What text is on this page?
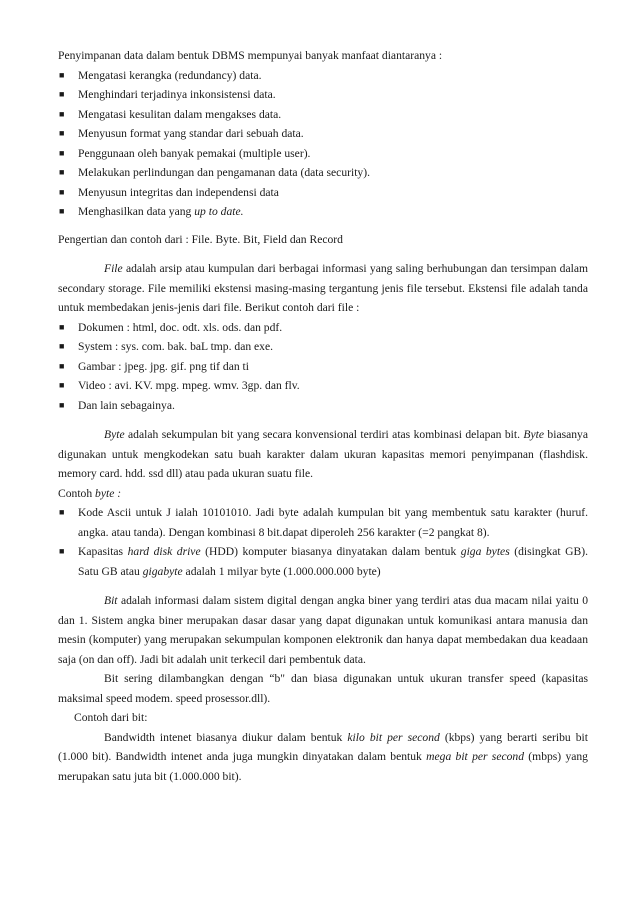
Penyimpanan data dalam bentuk DBMS mempunyai banyak manfaat diantaranya :

■ Mengatasi kerangka (redundancy) data.
■ Menghindari terjadinya inkonsistensi data.
■ Mengatasi kesulitan dalam mengakses data.
■ Menyusun format yang standar dari sebuah data.
■ Penggunaan oleh banyak pemakai (multiple user).
■ Melakukan perlindungan dan pengamanan data (data security).
■ Menyusun integritas dan independensi data
■ Menghasilkan data yang up to date.

Pengertian dan contoh dari : File. Byte. Bit, Field dan Record

File adalah arsip atau kumpulan dari berbagai informasi yang saling berhubungan dan tersimpan dalam secondary storage. File memiliki ekstensi masing-masing tergantung jenis file tersebut. Ekstensi file adalah tanda untuk membedakan jenis-jenis dari file. Berikut contoh dari file :

■ Dokumen : html, doc. odt. xls. ods. dan pdf.
■ System : sys. com. bak. baL tmp. dan exe.
■ Gambar : jpeg. jpg. gif. png tif dan ti
■ Video : avi. KV. mpg. mpeg. wmv. 3gp. dan flv.
■ Dan lain sebagainya.

Byte adalah sekumpulan bit yang secara konvensional terdiri atas kombinasi delapan bit. Byte biasanya digunakan untuk mengkodekan satu buah karakter dalam ukuran kapasitas memori penyimpanan (flashdisk. memory card. hdd. ssd dll) atau pada ukuran suatu file.

Contoh byte :

■ Kode Ascii untuk J ialah 10101010. Jadi byte adalah kumpulan bit yang membentuk satu karakter (huruf. angka. atau tanda). Dengan kombinasi 8 bit.dapat diperoleh 256 karakter (=2 pangkat 8).
■ Kapasitas hard disk drive (HDD) komputer biasanya dinyatakan dalam bentuk giga bytes (disingkat GB). Satu GB atau gigabyte adalah 1 milyar byte (1.000.000.000 byte)

Bit adalah informasi dalam sistem digital dengan angka biner yang terdiri atas dua macam nilai yaitu 0 dan 1. Sistem angka biner merupakan dasar dasar yang dapat digunakan untuk komunikasi antara manusia dan mesin (komputer) yang merupakan sekumpulan komponen elektronik dan hanya dapat membedakan dua keadaan saja (on dan off). Jadi bit adalah unit terkecil dari pembentuk data.

Bit sering dilambangkan dengan “b" dan biasa digunakan untuk ukuran transfer speed (kapasitas maksimal speed modem. speed prosessor.dll).

Contoh dari bit:

Bandwidth intenet biasanya diukur dalam bentuk kilo bit per second (kbps) yang berarti seribu bit (1.000 bit). Bandwidth intenet anda juga mungkin dinyatakan dalam bentuk mega bit per second (mbps) yang merupakan satu juta bit (1.000.000 bit).
